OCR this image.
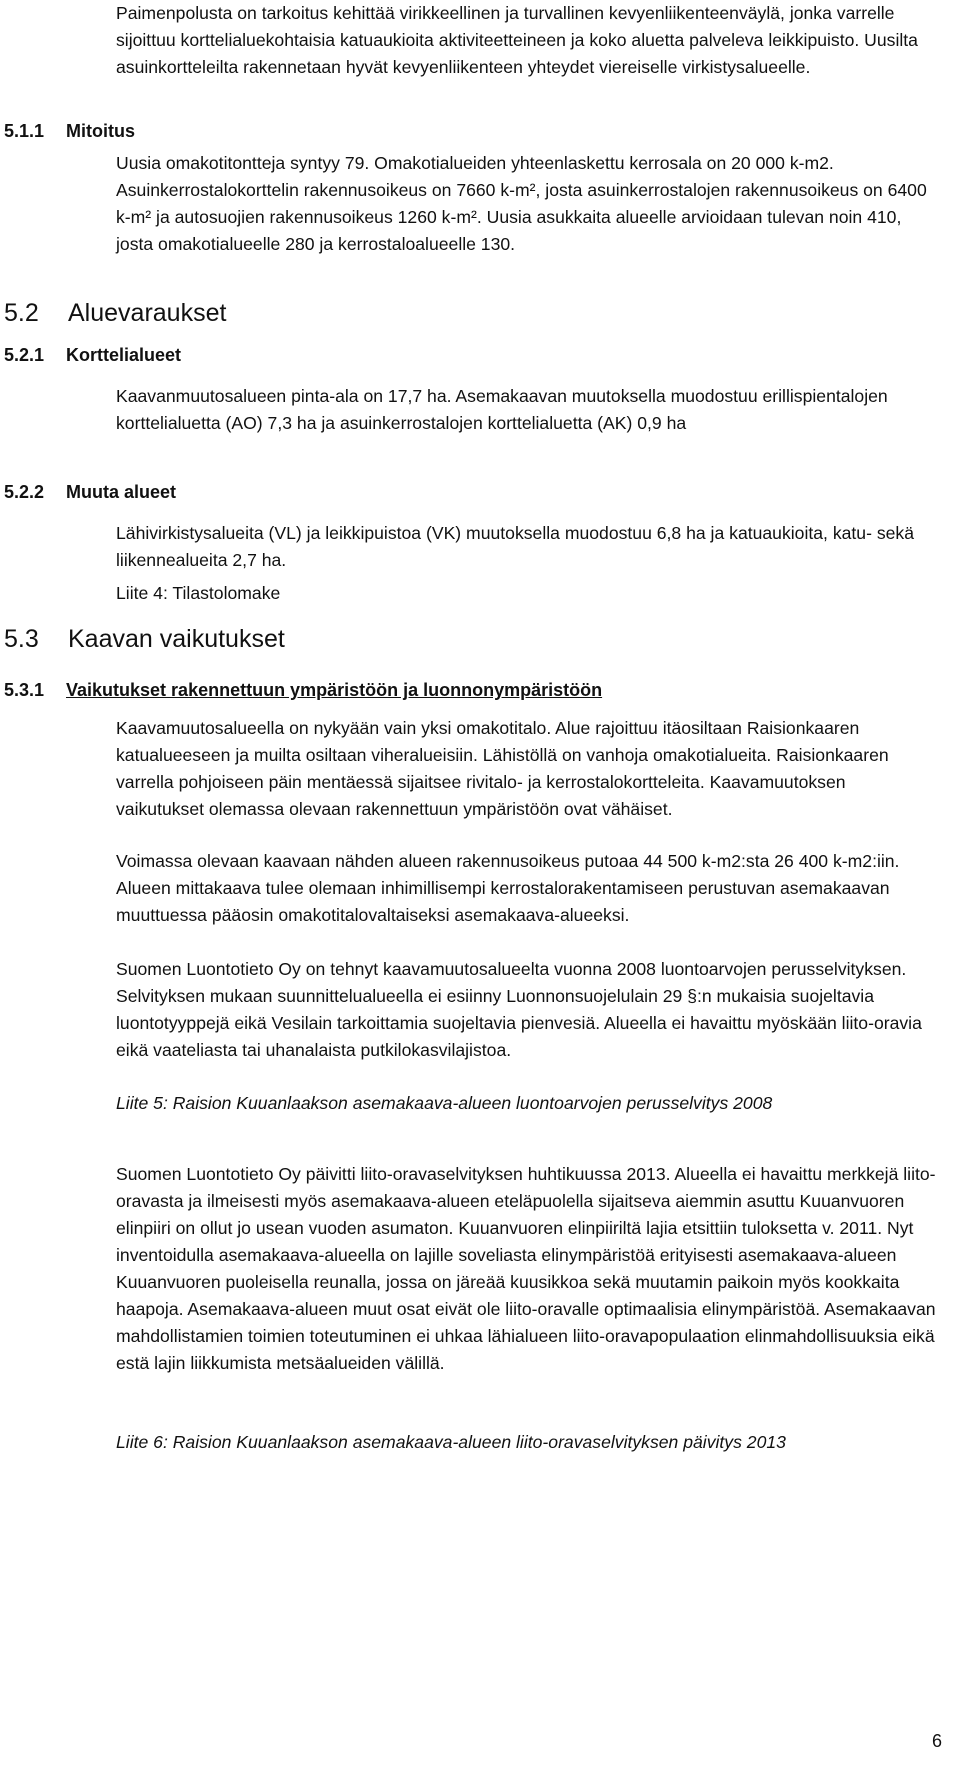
Paimenpolusta on tarkoitus kehittää virikkeellinen ja turvallinen kevyenliikenteenväylä, jonka varrelle sijoittuu korttelialuekohtaisia katuaukioita aktiviteetteineen ja koko aluetta palveleva leikkipuisto. Uusilta asuinkortteleilta rakennetaan hyvät kevyenliikenteen yhteydet viereiselle virkistysalueelle.

5.1.1 Mitoitus

Uusia omakotitontteja syntyy 79. Omakotialueiden yhteenlaskettu kerrosala on 20 000 k-m2. Asuinkerrostalokorttelin rakennusoikeus on 7660 k-m², josta asuinkerrostalojen rakennusoikeus on 6400 k-m² ja autosuojien rakennusoikeus 1260 k-m². Uusia asukkaita alueelle arvioidaan tulevan noin 410, josta omakotialueelle 280 ja kerrostaloalueelle 130.

5.2 Aluevaraukset
5.2.1 Korttelialueet

Kaavanmuutosalueen pinta-ala on 17,7 ha. Asemakaavan muutoksella muodostuu erillispientalojen korttelialuetta (AO) 7,3 ha ja asuinkerrostalojen korttelialuetta (AK) 0,9 ha

5.2.2 Muuta alueet

Lähivirkistysalueita (VL) ja leikkipuistoa (VK) muutoksella muodostuu 6,8 ha ja katuaukioita, katu- sekä liikennealueita 2,7 ha.

Liite 4: Tilastolomake

5.3 Kaavan vaikutukset
5.3.1 Vaikutukset rakennettuun ympäristöön ja luonnonympäristöön

Kaavamuutosalueella on nykyään vain yksi omakotitalo. Alue rajoittuu itäosiltaan Raisionkaaren katualueeseen ja muilta osiltaan viheralueisiin. Lähistöllä on vanhoja omakotialueita. Raisionkaaren varrella pohjoiseen päin mentäessä sijaitsee rivitalo- ja kerrostalokortteleita. Kaavamuutoksen vaikutukset olemassa olevaan rakennettuun ympäristöön ovat vähäiset.

Voimassa olevaan kaavaan nähden alueen rakennusoikeus putoaa 44 500 k-m2:sta 26 400 k-m2:iin. Alueen mittakaava tulee olemaan inhimillisempi kerrostalorakentamiseen perustuvan asemakaavan muuttuessa pääosin omakotitalovaltaiseksi asemakaava-alueeksi.

Suomen Luontotieto Oy on tehnyt kaavamuutosalueelta vuonna 2008 luontoarvojen perusselvityksen. Selvityksen mukaan suunnittelualueella ei esiinny Luonnonsuojelulain 29 §:n mukaisia suojeltavia luontotyyppejä eikä Vesilain tarkoittamia suojeltavia pienvesiä. Alueella ei havaittu myöskään liito-oravia eikä vaateliasta tai uhanalaista putkilokasvilajistoa.

Liite 5: Raision Kuuanlaakson asemakaava-alueen luontoarvojen perusselvitys 2008

Suomen Luontotieto Oy päivitti liito-oravaselvityksen huhtikuussa 2013. Alueella ei havaittu merkkejä liito-oravasta ja ilmeisesti myös asemakaava-alueen eteläpuolella sijaitseva aiemmin asuttu Kuuanvuoren elinpiiri on ollut jo usean vuoden asumaton. Kuuanvuoren elinpiiriltä lajia etsittiin tuloksetta v. 2011. Nyt inventoidulla asemakaava-alueella on lajille soveliasta elinympäristöä erityisesti asemakaava-alueen Kuuanvuoren puoleisella reunalla, jossa on järeää kuusikkoa sekä muutamin paikoin myös kookkaita haapoja. Asemakaava-alueen muut osat eivät ole liito-oravalle optimaalisia elinympäristöä. Asemakaavan mahdollistamien toimien toteutuminen ei uhkaa lähialueen liito-oravapopulaation elinmahdollisuuksia eikä estä lajin liikkumista metsäalueiden välillä.

Liite 6: Raision Kuuanlaakson asemakaava-alueen liito-oravaselvityksen päivitys 2013

6
